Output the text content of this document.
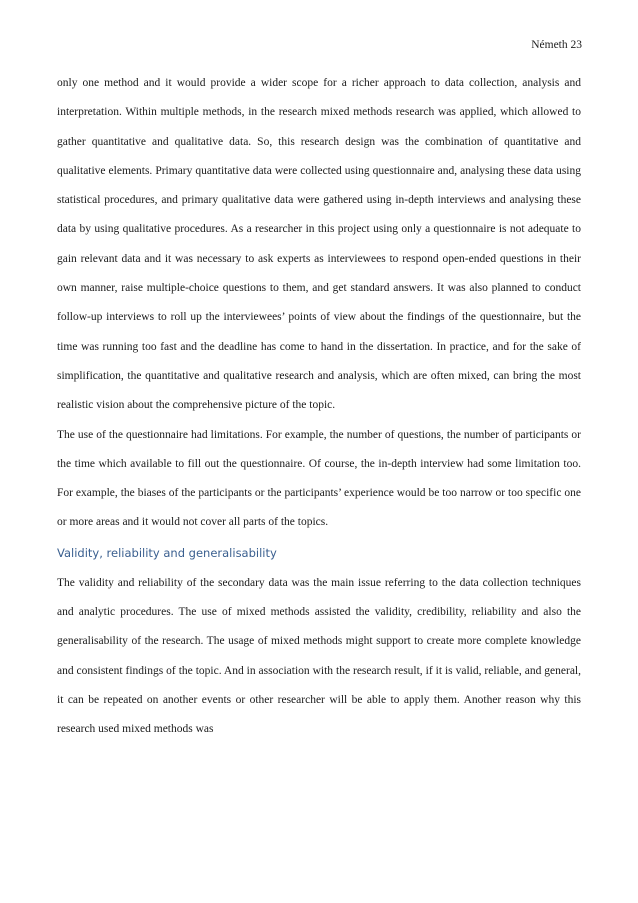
Németh 23

only one method and it would provide a wider scope for a richer approach to data collection, analysis and interpretation. Within multiple methods, in the research mixed methods research was applied, which allowed to gather quantitative and qualitative data. So, this research design was the combination of quantitative and qualitative elements. Primary quantitative data were collected using questionnaire and, analysing these data using statistical procedures, and primary qualitative data were gathered using in-depth interviews and analysing these data by using qualitative procedures. As a researcher in this project using only a questionnaire is not adequate to gain relevant data and it was necessary to ask experts as interviewees to respond open-ended questions in their own manner, raise multiple-choice questions to them, and get standard answers. It was also planned to conduct follow-up interviews to roll up the interviewees’ points of view about the findings of the questionnaire, but the time was running too fast and the deadline has come to hand in the dissertation. In practice, and for the sake of simplification, the quantitative and qualitative research and analysis, which are often mixed, can bring the most realistic vision about the comprehensive picture of the topic.

The use of the questionnaire had limitations. For example, the number of questions, the number of participants or the time which available to fill out the questionnaire. Of course, the in-depth interview had some limitation too. For example, the biases of the participants or the participants’ experience would be too narrow or too specific one or more areas and it would not cover all parts of the topics.

Validity, reliability and generalisability

The validity and reliability of the secondary data was the main issue referring to the data collection techniques and analytic procedures. The use of mixed methods assisted the validity, credibility, reliability and also the generalisability of the research. The usage of mixed methods might support to create more complete knowledge and consistent findings of the topic. And in association with the research result, if it is valid, reliable, and general, it can be repeated on another events or other researcher will be able to apply them. Another reason why this research used mixed methods was
